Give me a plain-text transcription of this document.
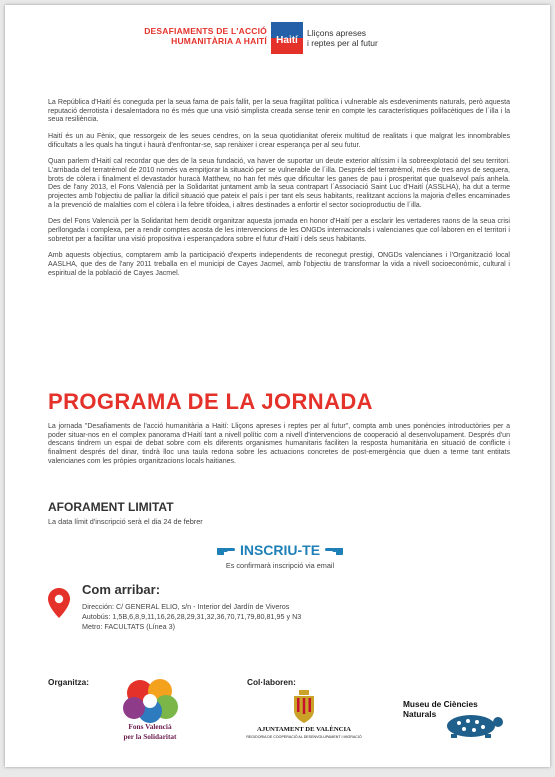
DESAFIAMENTS DE L'ACCIÓ
HUMANITÀRIA A HAITÍ Haití
Lliçons apreses
i reptes per al futur

La República d'Haití és coneguda per la seua fama de país fallit, per la seua fragilitat política i vulnerable als esdeveniments naturals, però aquesta reputació derrotista i desalentadora no és més que una visió simplista creada sense tenir en compte les característiques polifacètiques de l´illa i la seua resiliència.

Haití és un au Fènix, que ressorgeix de les seues cendres, on la seua quotidianitat ofereix multitud de realitats i que malgrat les innombrables dificultats a les quals ha tingut i haurà d'enfrontar-se, sap renàixer i crear esperança per al seu futur.

Quan parlem d'Haití cal recordar que des de la seua fundació, va haver de suportar un deute exterior altíssim i la sobreexplotació del seu territori. L'arribada del terratrèmol de 2010 només va empitjorar la situació per se vulnerable de l´illa. Després del terratrèmol, més de tres anys de sequera, brots de còlera i finalment el devastador huracà Matthew, no han fet més que dificultar les ganes de pau i prosperitat que qualsevol país anhela. Des de l'any 2013, el Fons Valencià per la Solidaritat juntament amb la seua contrapart l´Associació Saint Luc d'Haití (ASSLHA), ha dut a terme projectes amb l'objectiu de palliar la difícil situació que pateix el país i per tant els seus habitants, realitzant accions la majoria d'elles encaminades a la prevenció de malalties com el còlera i la febre tifoidea, i altres destinades a enfortir el sector socioproductiu de l´illa.

Des del Fons Valencià per la Solidaritat hem decidit organitzar aquesta jornada en honor d'Haití per a esclarir les vertaderes raons de la seua crisi perllongada i complexa, per a rendir comptes acosta de les intervencions de les ONGDs internacionals i valencianes que col·laboren en el territori i sobretot per a facilitar una visió propositiva i esperançadora sobre el futur d'Haití i dels seus habitants.

Amb aquests objectius, comptarem amb la participació d'experts independents de reconegut prestigi, ONGDs valencianes i l'Organització local AASLHA, que des de l'any 2011 treballa en el municipi de Cayes Jacmel, amb l'objectiu de transformar la vida a nivell socioeconòmic, cultural i espiritual de la població de Cayes Jacmel.

PROGRAMA DE LA JORNADA

La jornada "Desafiaments de l'acció humanitària a Haití: Lliçons apreses i reptes per al futur", compta amb unes ponències introductòries per a poder situar-nos en el complex panorama d'Haití tant a nivell polític com a nivell d'intervencions de cooperació al desenvolupament. Després d'un descans tindrem un espai de debat sobre com els diferents organismes humanitaris faciliten la resposta humanitària en situació de conflicte i finalment després del dinar, tindrà lloc una taula redona sobre les actuacions concretes de post-emergència que duen a terme tant entitats valencianes com les pròpies organitzacions locals haitianes.

AFORAMENT LIMITAT
La data límit d'inscripció serà el dia 24 de febrer
INSCRIU-TE
Es confirmarà inscripció via email
Com arribar:
Dirección: C/ GENERAL ELIO, s/n - Interior del Jardín de Viveros
Autobús: 1,5B,6,8,9,11,16,26,28,29,31,32,36,70,71,79,80,81,95 y N3
Metro: FACULTATS (Línea 3)
Organitza:
Fons Valencià
per la Solidaritat
Col·laboren:
AJUNTAMENT DE VALÈNCIA
REGIDORIA DE COOPERACIÓ AL DESENVOLUPAMENT I MIGRACIÓ
Museu de Ciències
Naturals
